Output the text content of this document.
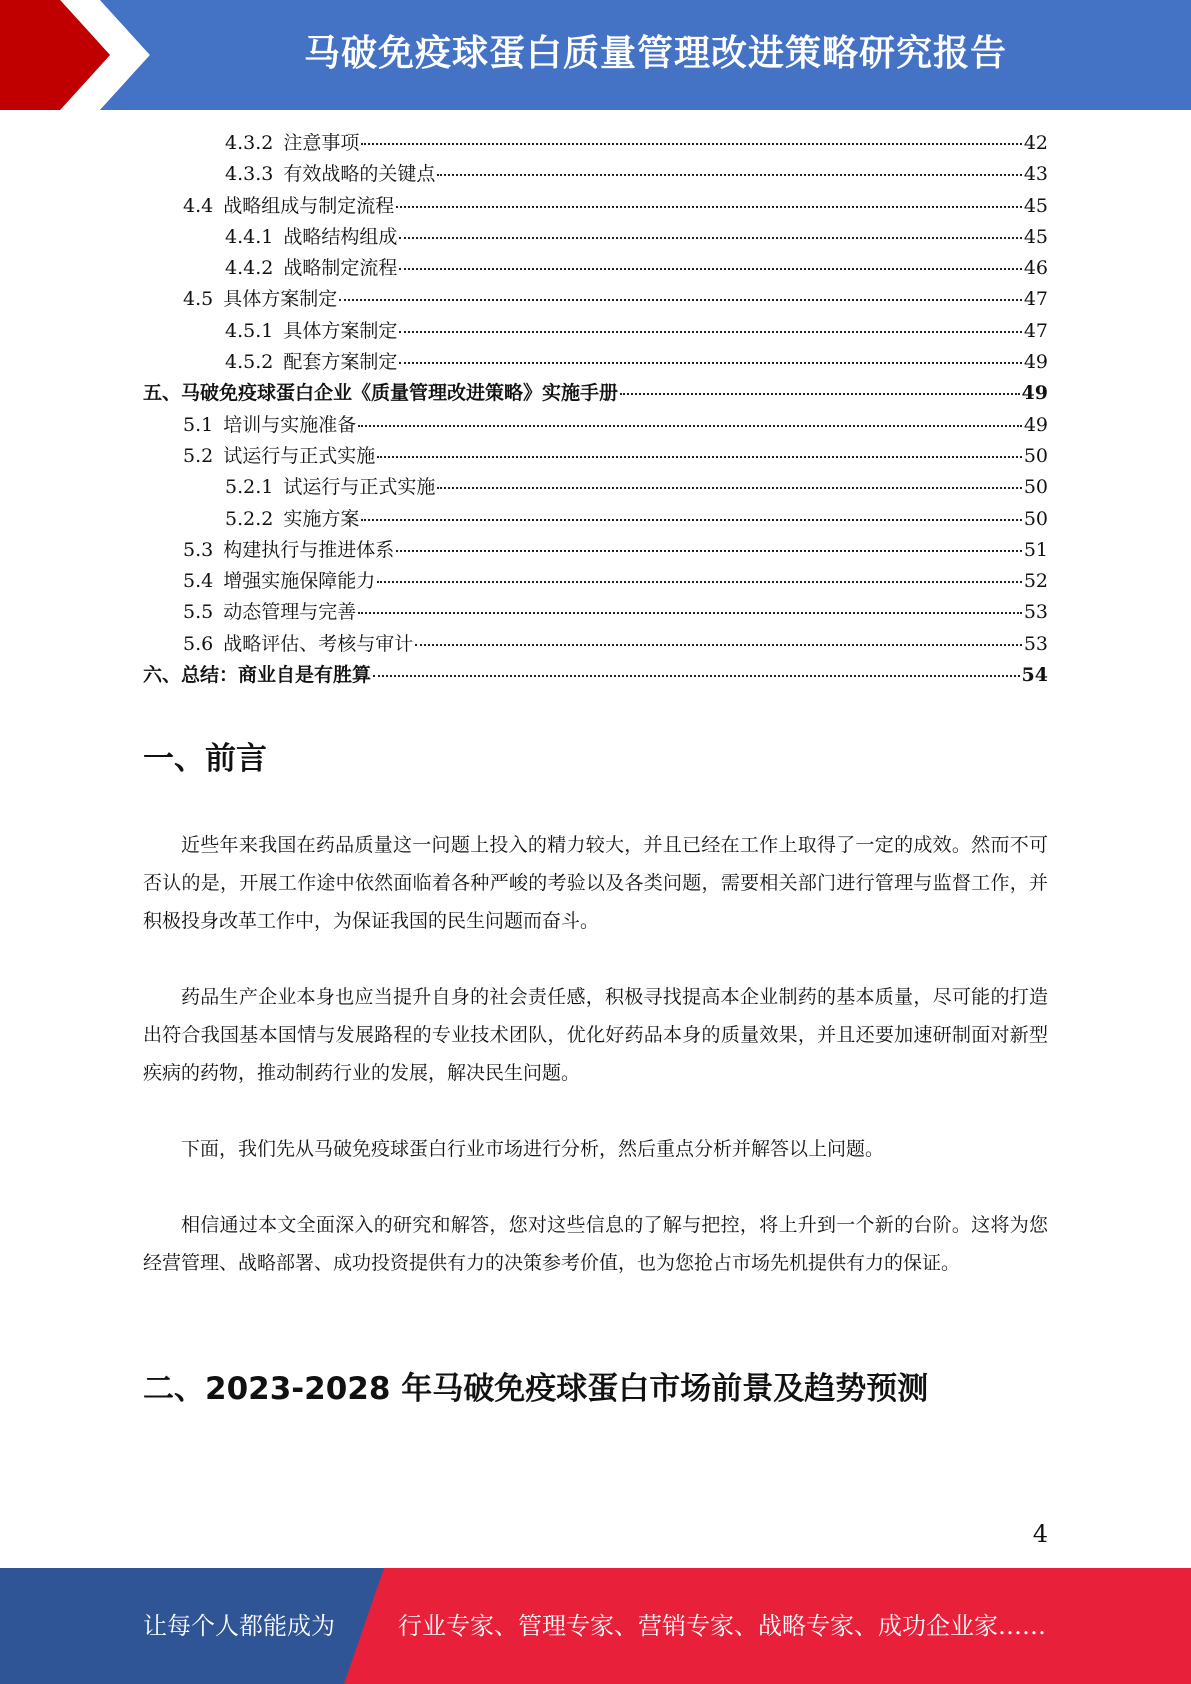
马破免疫球蛋白质量管理改进策略研究报告
4.3.2 注意事项	42
4.3.3 有效战略的关键点	43
4.4 战略组成与制定流程	45
4.4.1 战略结构组成	45
4.4.2 战略制定流程	46
4.5 具体方案制定	47
4.5.1 具体方案制定	47
4.5.2 配套方案制定	49
五、马破免疫球蛋白企业《质量管理改进策略》实施手册	49
5.1 培训与实施准备	49
5.2 试运行与正式实施	50
5.2.1 试运行与正式实施	50
5.2.2 实施方案	50
5.3 构建执行与推进体系	51
5.4 增强实施保障能力	52
5.5 动态管理与完善	53
5.6 战略评估、考核与审计	53
六、总结：商业自是有胜算	54
一、前言

近些年来我国在药品质量这一问题上投入的精力较大，并且已经在工作上取得了一定的成效。然而不可否认的是，开展工作途中依然面临着各种严峻的考验以及各类问题，需要相关部门进行管理与监督工作，并积极投身改革工作中，为保证我国的民生问题而奋斗。

药品生产企业本身也应当提升自身的社会责任感，积极寻找提高本企业制药的基本质量，尽可能的打造出符合我国基本国情与发展路程的专业技术团队，优化好药品本身的质量效果，并且还要加速研制面对新型疾病的药物，推动制药行业的发展，解决民生问题。

下面，我们先从马破免疫球蛋白行业市场进行分析，然后重点分析并解答以上问题。

相信通过本文全面深入的研究和解答，您对这些信息的了解与把控，将上升到一个新的台阶。这将为您经营管理、战略部署、成功投资提供有力的决策参考价值，也为您抢占市场先机提供有力的保证。

二、2023-2028 年马破免疫球蛋白市场前景及趋势预测
4
让每个人都能成为	行业专家、管理专家、营销专家、战略专家、成功企业家……
